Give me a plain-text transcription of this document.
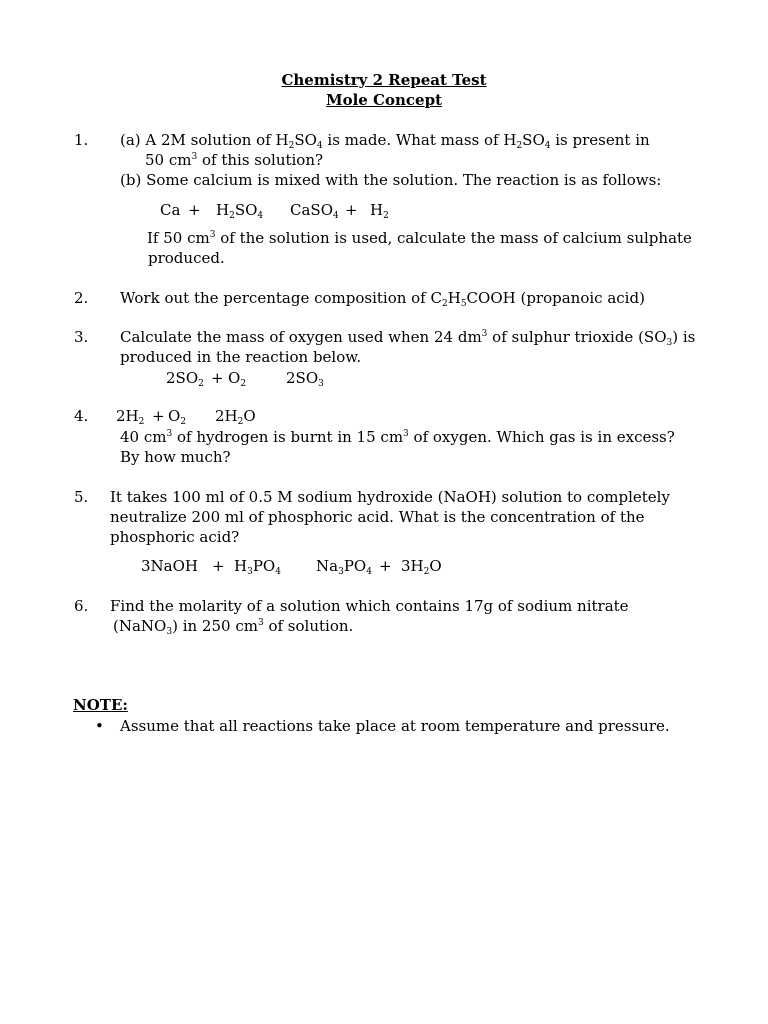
Chemistry 2 Repeat Test
Mole Concept
1. (a) A 2M solution of $H_2SO_4$ is made. What mass of $H_2SO_4$ is present in
50 $cm^3$ of this solution?
(b) Some calcium is mixed with the solution. The reaction is as follows:
$Ca + H_2SO_4$ CaSO$_4$ + $H_2$
If 50 $cm^3$ of the solution is used, calculate the mass of calcium sulphate
produced.
2. Work out the percentage composition of $C_2H_5COOH$ (propanoic acid)
3. Calculate the mass of oxygen used when 24 $dm^3$ of sulphur trioxide $(SO_3)$ is
produced in the reaction below.
$2SO_2 + O_2$	$2SO_3$
4. $2H_2 + O_2$ $2H_2O$
40 $cm^3$ of hydrogen is burnt in 15 $cm^3$ of oxygen. Which gas is in excess?
By how much?
5. It takes 100 ml of 0.5 M sodium hydroxide (NaOH) solution to completely
neutralize 200 ml of phosphoric acid. What is the concentration of the
phosphoric acid?
3NaOH + $H_3PO_4$ $Na_3PO_4 + 3H_2O$
6. Find the molarity of a solution which contains 17g of sodium nitrate
(NaNO$_3$) in 250 $cm^3$ of solution.
NOTE:
• Assume that all reactions take place at room temperature and pressure.
